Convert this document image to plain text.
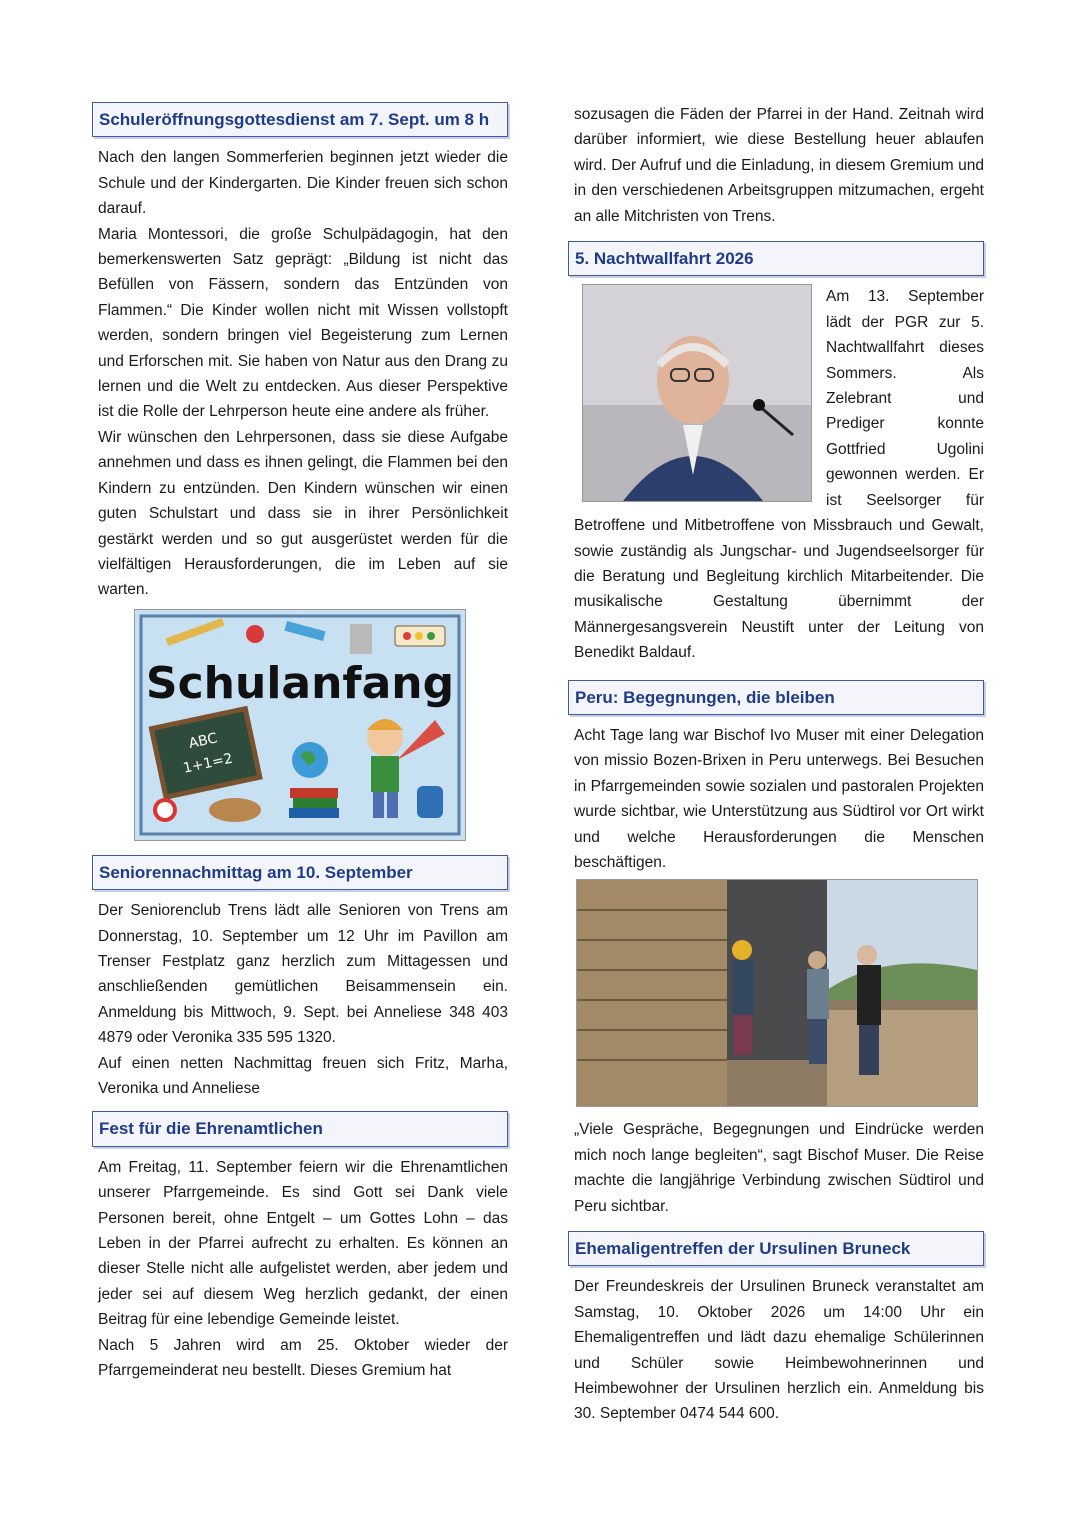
Schuleröffnungsgottesdienst am 7. Sept. um 8 h

Nach den langen Sommerferien beginnen jetzt wieder die Schule und der Kindergarten. Die Kinder freuen sich schon darauf.

Maria Montessori, die große Schulpädagogin, hat den bemerkenswerten Satz geprägt: „Bildung ist nicht das Befüllen von Fässern, sondern das Entzünden von Flammen.“ Die Kinder wollen nicht mit Wissen vollstopft werden, sondern bringen viel Begeisterung zum Lernen und Erforschen mit. Sie haben von Natur aus den Drang zu lernen und die Welt zu entdecken. Aus dieser Perspektive ist die Rolle der Lehrperson heute eine andere als früher.

Wir wünschen den Lehrpersonen, dass sie diese Aufgabe annehmen und dass es ihnen gelingt, die Flammen bei den Kindern zu entzünden. Den Kindern wünschen wir einen guten Schulstart und dass sie in ihrer Persönlichkeit gestärkt werden und so gut ausgerüstet werden für die vielfältigen Herausforderungen, die im Leben auf sie warten.

Schulanfang
ABC
1+1=2
Seniorennachmittag am 10. September

Der Seniorenclub Trens lädt alle Senioren von Trens am Donnerstag, 10. September um 12 Uhr im Pavillon am Trenser Festplatz ganz herzlich zum Mittagessen und anschließenden gemütlichen Beisammensein ein. Anmeldung bis Mittwoch, 9. Sept. bei Anneliese 348 403 4879 oder Veronika 335 595 1320.

Auf einen netten Nachmittag freuen sich Fritz, Marha, Veronika und Anneliese

Fest für die Ehrenamtlichen

Am Freitag, 11. September feiern wir die Ehrenamtlichen unserer Pfarrgemeinde. Es sind Gott sei Dank viele Personen bereit, ohne Entgelt – um Gottes Lohn – das Leben in der Pfarrei aufrecht zu erhalten. Es können an dieser Stelle nicht alle aufgelistet werden, aber jedem und jeder sei auf diesem Weg herzlich gedankt, der einen Beitrag für eine lebendige Gemeinde leistet.

Nach 5 Jahren wird am 25. Oktober wieder der Pfarrgemeinderat neu bestellt. Dieses Gremium hat

sozusagen die Fäden der Pfarrei in der Hand. Zeitnah wird darüber informiert, wie diese Bestellung heuer ablaufen wird. Der Aufruf und die Einladung, in diesem Gremium und in den verschiedenen Arbeitsgruppen mitzumachen, ergeht an alle Mitchristen von Trens.

5. Nachtwallfahrt 2026

Am 13. September lädt der PGR zur 5. Nachtwallfahrt dieses Sommers. Als Zelebrant und Prediger konnte Gottfried Ugolini gewonnen werden. Er ist Seelsorger für Betroffene und Mitbetroffene von Missbrauch und Gewalt, sowie zuständig als Jungschar- und Jugendseelsorger für die Beratung und Begleitung kirchlich Mitarbeitender. Die musikalische Gestaltung übernimmt der Männergesangsverein Neustift unter der Leitung von Benedikt Baldauf.

Peru: Begegnungen, die bleiben

Acht Tage lang war Bischof Ivo Muser mit einer Delegation von missio Bozen-Brixen in Peru unterwegs. Bei Besuchen in Pfarrgemeinden sowie sozialen und pastoralen Projekten wurde sichtbar, wie Unterstützung aus Südtirol vor Ort wirkt und welche Herausforderungen die Menschen beschäftigen.

„Viele Gespräche, Begegnungen und Eindrücke werden mich noch lange begleiten“, sagt Bischof Muser. Die Reise machte die langjährige Verbindung zwischen Südtirol und Peru sichtbar.

Ehemaligentreffen der Ursulinen Bruneck

Der Freundeskreis der Ursulinen Bruneck veranstaltet am Samstag, 10. Oktober 2026 um 14:00 Uhr ein Ehemaligentreffen und lädt dazu ehemalige Schülerinnen und Schüler sowie Heimbewohnerinnen und Heimbewohner der Ursulinen herzlich ein. Anmeldung bis 30. September 0474 544 600.
